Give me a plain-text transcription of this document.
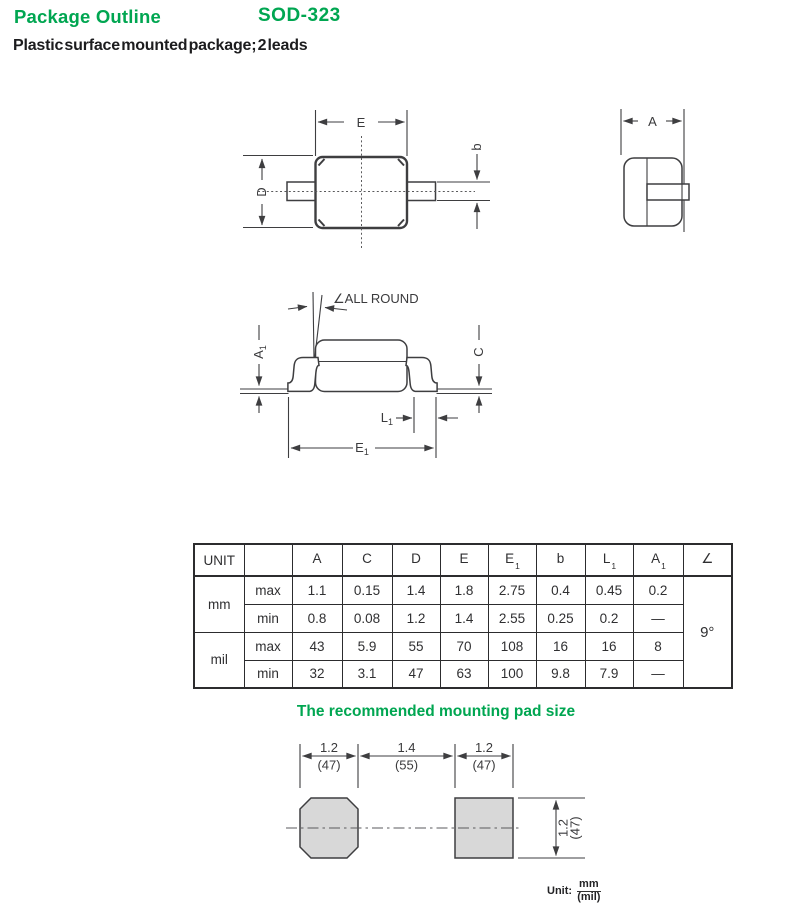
Package Outline	SOD-323
Plastic surface mounted package; 2 leads
E
D
b
A
∠ALL ROUND
$A_1$	C
$L_1$
$E_1$
UNIT		A	C	D	E	$E_1$	b	$L_1$	$A_1$	∠
mm	max	1.1	0.15	1.4	1.8	2.75	0.4	0.45	0.2	9°
	min	0.8	0.08	1.2	1.4	2.55	0.25	0.2	—	
mil	max	43	5.9	55	70	108	16	16	8	
	min	32	3.1	47	63	100	9.8	7.9	—	
The recommended mounting pad size
1.2	1.4	1.2
(47)	(55)	(47)
1.2
(47)
Unit: $\frac{mm}{\text{(mil)}}$
